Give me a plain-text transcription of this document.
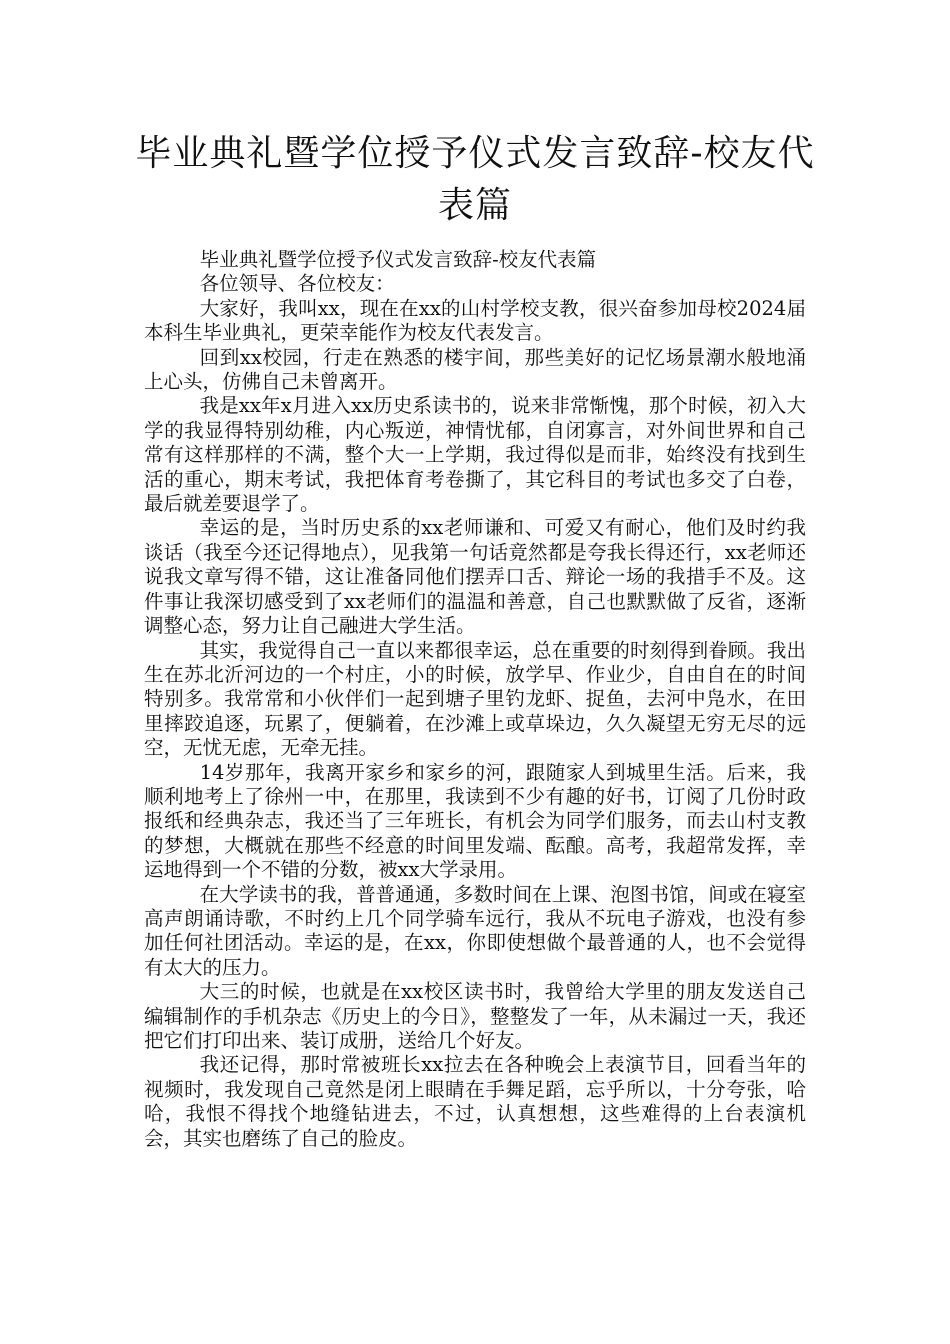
毕业典礼暨学位授予仪式发言致辞-校友代表篇

毕业典礼暨学位授予仪式发言致辞-校友代表篇

各位领导、各位校友：

大家好，我叫xx，现在在xx的山村学校支教，很兴奋参加母校2024届本科生毕业典礼，更荣幸能作为校友代表发言。

回到xx校园，行走在熟悉的楼宇间，那些美好的记忆场景潮水般地涌上心头，仿佛自己未曾离开。

我是xx年x月进入xx历史系读书的，说来非常惭愧，那个时候，初入大学的我显得特别幼稚，内心叛逆，神情忧郁，自闭寡言，对外间世界和自己常有这样那样的不满，整个大一上学期，我过得似是而非，始终没有找到生活的重心，期末考试，我把体育考卷撕了，其它科目的考试也多交了白卷，最后就差要退学了。

幸运的是，当时历史系的xx老师谦和、可爱又有耐心，他们及时约我谈话（我至今还记得地点），见我第一句话竟然都是夸我长得还行，xx老师还说我文章写得不错，这让准备同他们摆弄口舌、辩论一场的我措手不及。这件事让我深切感受到了xx老师们的温温和善意，自己也默默做了反省，逐渐调整心态，努力让自己融进大学生活。

其实，我觉得自己一直以来都很幸运，总在重要的时刻得到眷顾。我出生在苏北沂河边的一个村庄，小的时候，放学早、作业少，自由自在的时间特别多。我常常和小伙伴们一起到塘子里钓龙虾、捉鱼，去河中凫水，在田里摔跤追逐，玩累了，便躺着，在沙滩上或草垛边，久久凝望无穷无尽的远空，无忧无虑，无牵无挂。

14岁那年，我离开家乡和家乡的河，跟随家人到城里生活。后来，我顺利地考上了徐州一中，在那里，我读到不少有趣的好书，订阅了几份时政报纸和经典杂志，我还当了三年班长，有机会为同学们服务，而去山村支教的梦想，大概就在那些不经意的时间里发端、酝酿。高考，我超常发挥，幸运地得到一个不错的分数，被xx大学录用。

在大学读书的我，普普通通，多数时间在上课、泡图书馆，间或在寝室高声朗诵诗歌，不时约上几个同学骑车远行，我从不玩电子游戏，也没有参加任何社团活动。幸运的是，在xx，你即使想做个最普通的人，也不会觉得有太大的压力。

大三的时候，也就是在xx校区读书时，我曾给大学里的朋友发送自己编辑制作的手机杂志《历史上的今日》，整整发了一年，从未漏过一天，我还把它们打印出来、装订成册，送给几个好友。

我还记得，那时常被班长xx拉去在各种晚会上表演节目，回看当年的视频时，我发现自己竟然是闭上眼睛在手舞足蹈，忘乎所以，十分夸张，哈哈，我恨不得找个地缝钻进去，不过，认真想想，这些难得的上台表演机会，其实也磨练了自己的脸皮。
